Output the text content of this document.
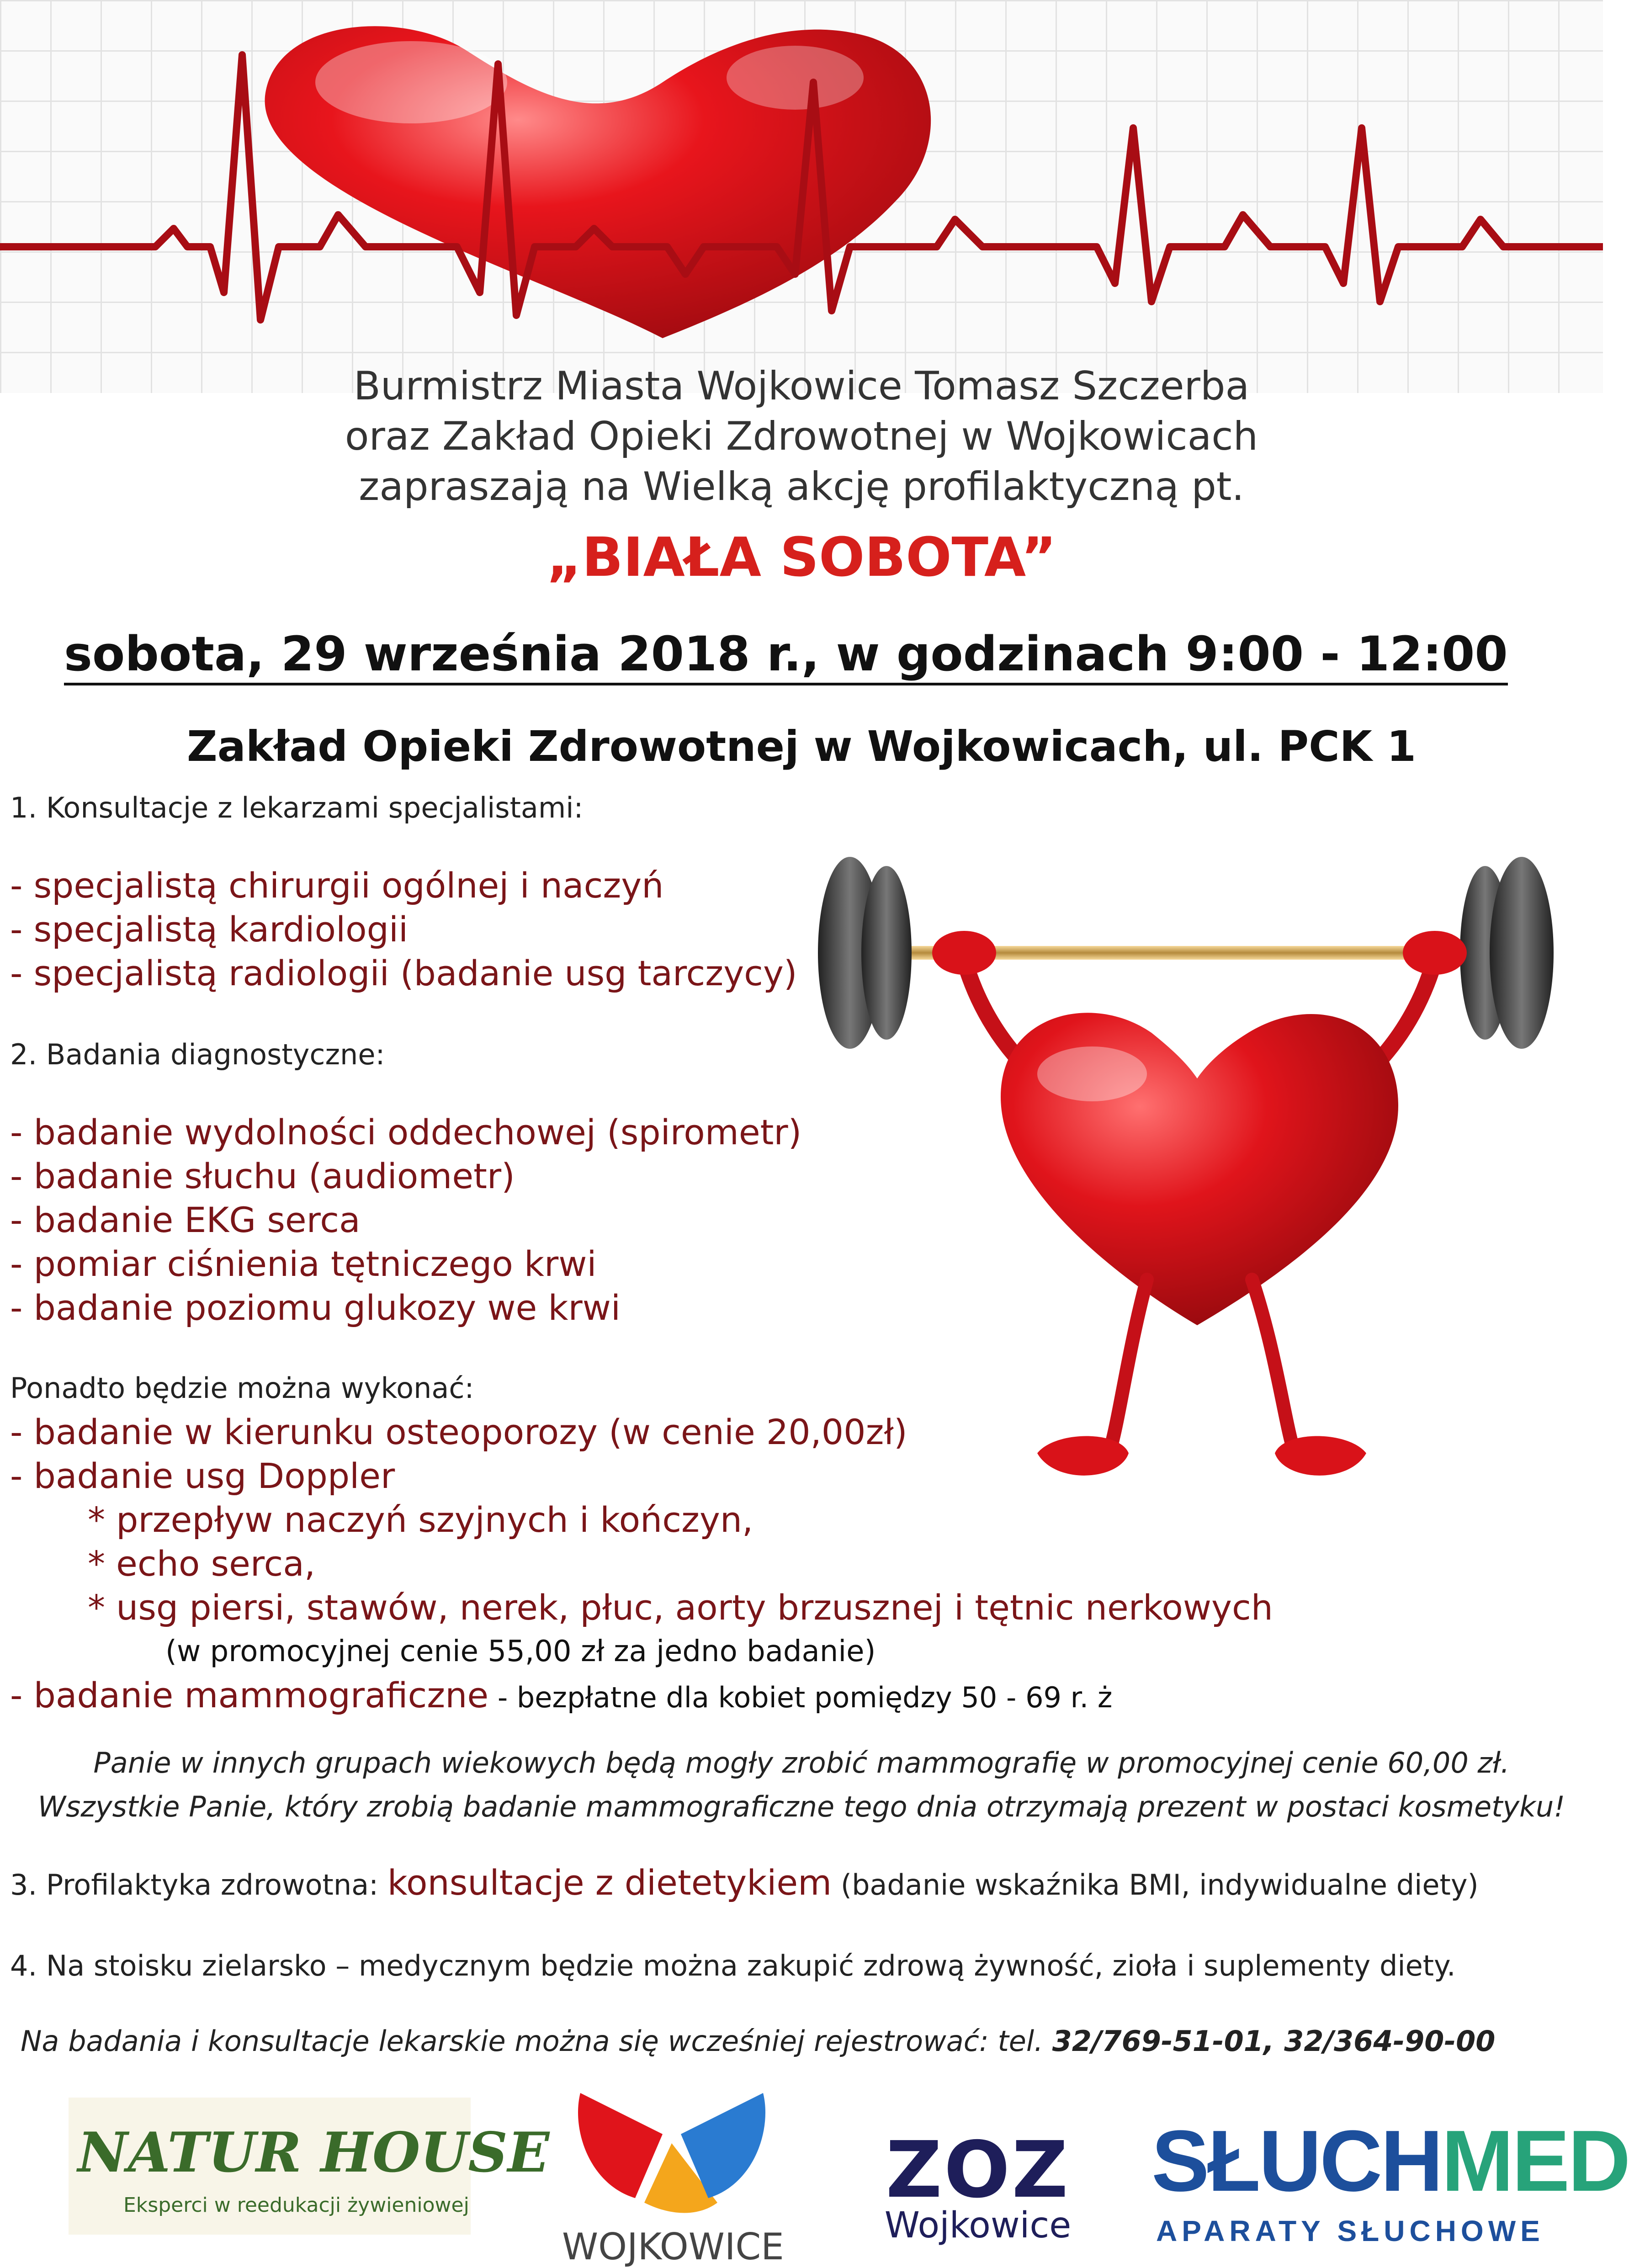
Burmistrz Miasta Wojkowice Tomasz Szczerba
oraz Zakład Opieki Zdrowotnej w Wojkowicach
zapraszają na Wielką akcję profilaktyczną pt.
„BIAŁA SOBOTA”
sobota, 29 września 2018 r., w godzinach 9:00 - 12:00
Zakład Opieki Zdrowotnej w Wojkowicach, ul. PCK 1
1. Konsultacje z lekarzami specjalistami:
- specjalistą chirurgii ogólnej i naczyń
- specjalistą kardiologii
- specjalistą radiologii (badanie usg tarczycy)
2. Badania diagnostyczne:
- badanie wydolności oddechowej (spirometr)
- badanie słuchu (audiometr)
- badanie EKG serca
- pomiar ciśnienia tętniczego krwi
- badanie poziomu glukozy we krwi
Ponadto będzie można wykonać:
- badanie w kierunku osteoporozy (w cenie 20,00zł)
- badanie usg Doppler
* przepływ naczyń szyjnych i kończyn,
* echo serca,
* usg piersi, stawów, nerek, płuc, aorty brzusznej i tętnic nerkowych
(w promocyjnej cenie 55,00 zł za jedno badanie)
- badanie mammograficzne - bezpłatne dla kobiet pomiędzy 50 - 69 r. ż
Panie w innych grupach wiekowych będą mogły zrobić mammografię w promocyjnej cenie 60,00 zł.
Wszystkie Panie, który zrobią badanie mammograficzne tego dnia otrzymają prezent w postaci kosmetyku!
3. Profilaktyka zdrowotna: konsultacje z dietetykiem (badanie wskaźnika BMI, indywidualne diety)
4. Na stoisku zielarsko – medycznym będzie można zakupić zdrową żywność, zioła i suplementy diety.
Na badania i konsultacje lekarskie można się wcześniej rejestrować: tel. 32/769-51-01, 32/364-90-00
NATUR HOUSE
Eksperci w reedukacji żywieniowej
WOJKOWICE
ZOZ
Wojkowice
SŁUCHMED
APARATY SŁUCHOWE
